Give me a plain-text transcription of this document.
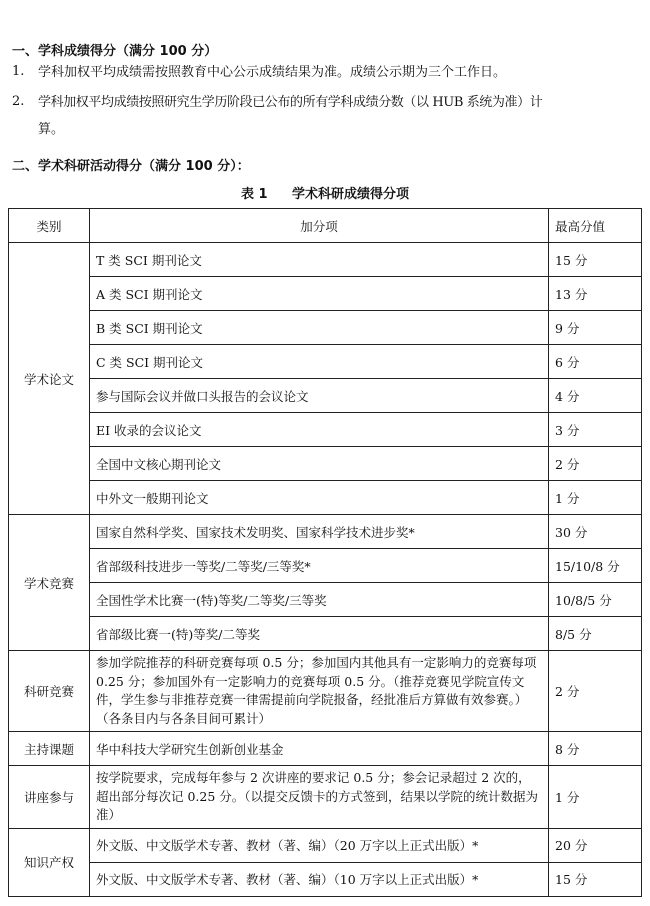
一、学科成绩得分（满分 100 分）
1. 学科加权平均成绩需按照教育中心公示成绩结果为准。成绩公示期为三个工作日。
2. 学科加权平均成绩按照研究生学历阶段已公布的所有学科成绩分数（以 HUB 系统为准）计
算。
二、学术科研活动得分（满分 100 分）：
表 1 学术科研成绩得分项
类别	加分项	最高分值
学术论文	T 类 SCI 期刊论文	15 分
	A 类 SCI 期刊论文	13 分
	B 类 SCI 期刊论文	9 分
	C 类 SCI 期刊论文	6 分
	参与国际会议并做口头报告的会议论文	4 分
	EI 收录的会议论文	3 分
	全国中文核心期刊论文	2 分
	中外文一般期刊论文	1 分
学术竞赛	国家自然科学奖、国家技术发明奖、国家科学技术进步奖*	30 分
	省部级科技进步一等奖/二等奖/三等奖*	15/10/8 分
	全国性学术比赛一(特)等奖/二等奖/三等奖	10/8/5 分
	省部级比赛一(特)等奖/二等奖	8/5 分
科研竞赛	参加学院推荐的科研竞赛每项 0.5 分；参加国内其他具有一定影响力的竞赛每项 0.25 分；参加国外有一定影响力的竞赛每项 0.5 分。（推荐竞赛见学院宣传文件，学生参与非推荐竞赛一律需提前向学院报备，经批准后方算做有效参赛。）（各条目内与各条目间可累计）	2 分
主持课题	华中科技大学研究生创新创业基金	8 分
讲座参与	按学院要求，完成每年参与 2 次讲座的要求记 0.5 分；参会记录超过 2 次的，超出部分每次记 0.25 分。（以提交反馈卡的方式签到，结果以学院的统计数据为准）	1 分
知识产权	外文版、中文版学术专著、教材（著、编）（20 万字以上正式出版）*	20 分
	外文版、中文版学术专著、教材（著、编）（10 万字以上正式出版）*	15 分
